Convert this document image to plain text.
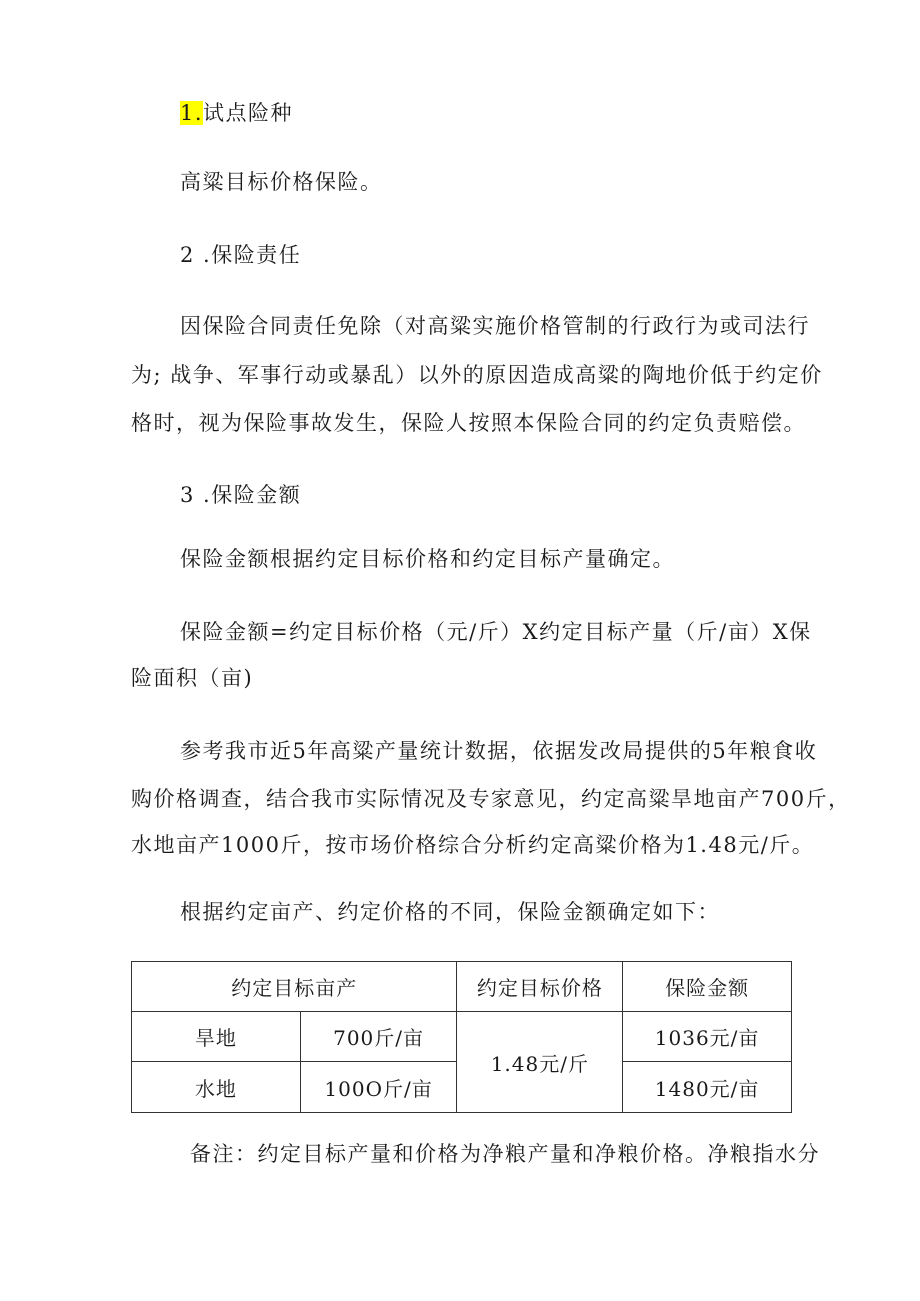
1.试点险种
高粱目标价格保险。
2 .保险责任
因保险合同责任免除（对高粱实施价格管制的行政行为或司法行
为; 战争、军事行动或暴乱）以外的原因造成高粱的陶地价低于约定价
格时，视为保险事故发生，保险人按照本保险合同的约定负责赔偿。
3 .保险金额
保险金额根据约定目标价格和约定目标产量确定。
保险金额=约定目标价格（元/斤）X约定目标产量（斤/亩）X保
险面积（亩)
参考我市近5年高粱产量统计数据，依据发改局提供的5年粮食收
购价格调查，结合我市实际情况及专家意见，约定高粱旱地亩产700斤，
水地亩产1000斤，按市场价格综合分析约定高粱价格为1.48元/斤。
根据约定亩产、约定价格的不同，保险金额确定如下：
约定目标亩产		约定目标价格	保险金额
旱地	700斤/亩	1.48元/斤	1036元/亩
水地	100O斤/亩		1480元/亩
备注：约定目标产量和价格为净粮产量和净粮价格。净粮指水分
